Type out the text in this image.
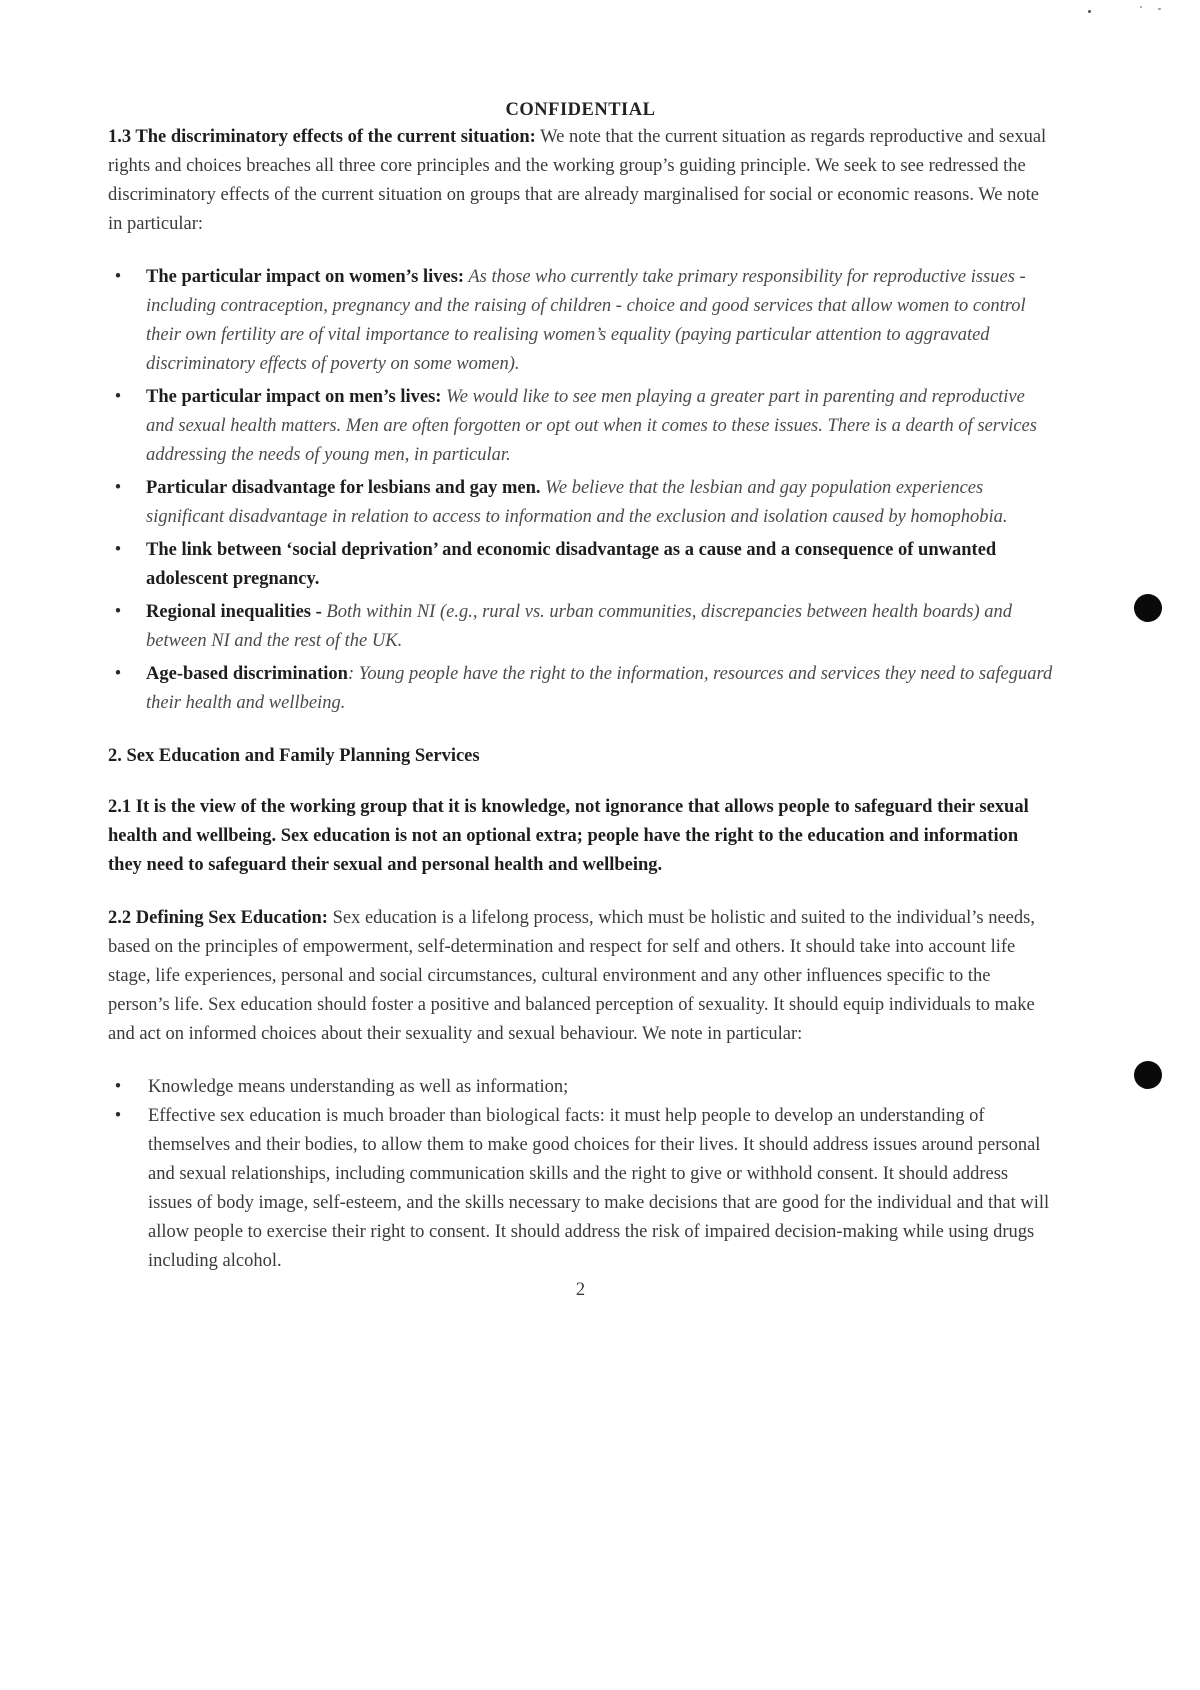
CONFIDENTIAL

1.3 The discriminatory effects of the current situation: We note that the current situation as regards reproductive and sexual rights and choices breaches all three core principles and the working group’s guiding principle. We seek to see redressed the discriminatory effects of the current situation on groups that are already marginalised for social or economic reasons. We note in particular:

•	The particular impact on women’s lives: As those who currently take primary responsibility for reproductive issues - including contraception, pregnancy and the raising of children - choice and good services that allow women to control their own fertility are of vital importance to realising women’s equality (paying particular attention to aggravated discriminatory effects of poverty on some women).
•	The particular impact on men’s lives: We would like to see men playing a greater part in parenting and reproductive and sexual health matters. Men are often forgotten or opt out when it comes to these issues. There is a dearth of services addressing the needs of young men, in particular.
•	Particular disadvantage for lesbians and gay men. We believe that the lesbian and gay population experiences significant disadvantage in relation to access to information and the exclusion and isolation caused by homophobia.
•	The link between ‘social deprivation’ and economic disadvantage as a cause and a consequence of unwanted adolescent pregnancy.
•	Regional inequalities - Both within NI (e.g., rural vs. urban communities, discrepancies between health boards) and between NI and the rest of the UK.
•	Age-based discrimination: Young people have the right to the information, resources and services they need to safeguard their health and wellbeing.

2. Sex Education and Family Planning Services

2.1 It is the view of the working group that it is knowledge, not ignorance that allows people to safeguard their sexual health and wellbeing. Sex education is not an optional extra; people have the right to the education and information they need to safeguard their sexual and personal health and wellbeing.

2.2 Defining Sex Education: Sex education is a lifelong process, which must be holistic and suited to the individual’s needs, based on the principles of empowerment, self-determination and respect for self and others. It should take into account life stage, life experiences, personal and social circumstances, cultural environment and any other influences specific to the person’s life. Sex education should foster a positive and balanced perception of sexuality. It should equip individuals to make and act on informed choices about their sexuality and sexual behaviour. We note in particular:

•	Knowledge means understanding as well as information;
•	Effective sex education is much broader than biological facts: it must help people to develop an understanding of themselves and their bodies, to allow them to make good choices for their lives. It should address issues around personal and sexual relationships, including communication skills and the right to give or withhold consent. It should address issues of body image, self-esteem, and the skills necessary to make decisions that are good for the individual and that will allow people to exercise their right to consent. It should address the risk of impaired decision-making while using drugs including alcohol.

2
